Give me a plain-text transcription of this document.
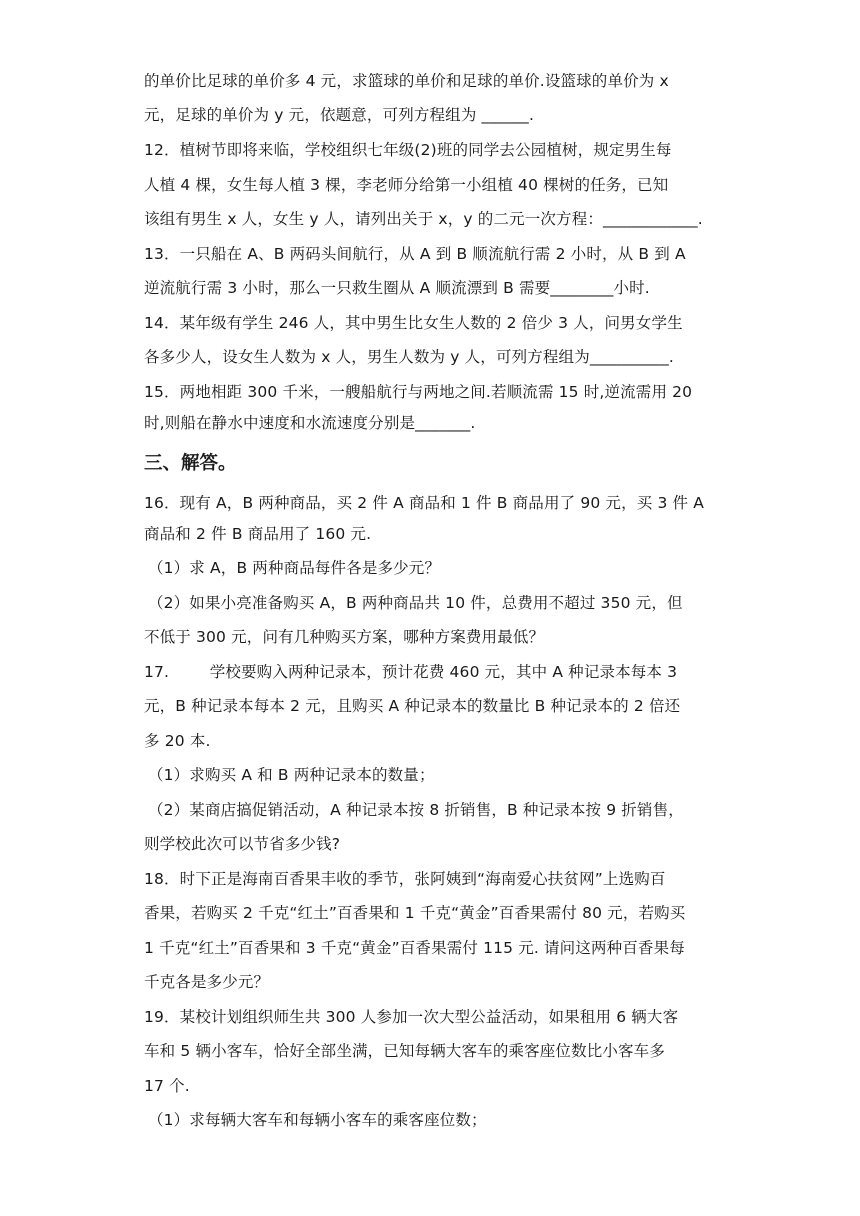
的单价比足球的单价多 4 元，求篮球的单价和足球的单价.设篮球的单价为 x
元，足球的单价为 y 元，依题意，可列方程组为 ______.
12．植树节即将来临，学校组织七年级(2)班的同学去公园植树，规定男生每
人植 4 棵，女生每人植 3 棵，李老师分给第一小组植 40 棵树的任务，已知
该组有男生 x 人，女生 y 人，请列出关于 x，y 的二元一次方程：____________.
13．一只船在 A、B 两码头间航行，从 A 到 B 顺流航行需 2 小时，从 B 到 A
逆流航行需 3 小时，那么一只救生圈从 A 顺流漂到 B 需要________小时.
14．某年级有学生 246 人，其中男生比女生人数的 2 倍少 3 人，问男女学生
各多少人，设女生人数为 x 人，男生人数为 y 人，可列方程组为__________.
15．两地相距 300 千米，一艘船航行与两地之间.若顺流需 15 时,逆流需用 20
时,则船在静水中速度和水流速度分别是_______.
三、解答。
16．现有 A，B 两种商品，买 2 件 A 商品和 1 件 B 商品用了 90 元，买 3 件 A
商品和 2 件 B 商品用了 160 元.
（1）求 A，B 两种商品每件各是多少元？
（2）如果小亮准备购买 A，B 两种商品共 10 件，总费用不超过 350 元，但
不低于 300 元，问有几种购买方案，哪种方案费用最低？
17.        学校要购入两种记录本，预计花费 460 元，其中 A 种记录本每本 3
元，B 种记录本每本 2 元，且购买 A 种记录本的数量比 B 种记录本的 2 倍还
多 20 本.
（1）求购买 A 和 B 两种记录本的数量；
（2）某商店搞促销活动，A 种记录本按 8 折销售，B 种记录本按 9 折销售，
则学校此次可以节省多少钱?
18．时下正是海南百香果丰收的季节，张阿姨到“海南爱心扶贫网”上选购百
香果，若购买 2 千克“红土”百香果和 1 千克“黄金”百香果需付 80 元，若购买
1 千克“红土”百香果和 3 千克“黄金”百香果需付 115 元. 请问这两种百香果每
千克各是多少元？
19．某校计划组织师生共 300 人参加一次大型公益活动，如果租用 6 辆大客
车和 5 辆小客车，恰好全部坐满，已知每辆大客车的乘客座位数比小客车多
17 个.
（1）求每辆大客车和每辆小客车的乘客座位数；
